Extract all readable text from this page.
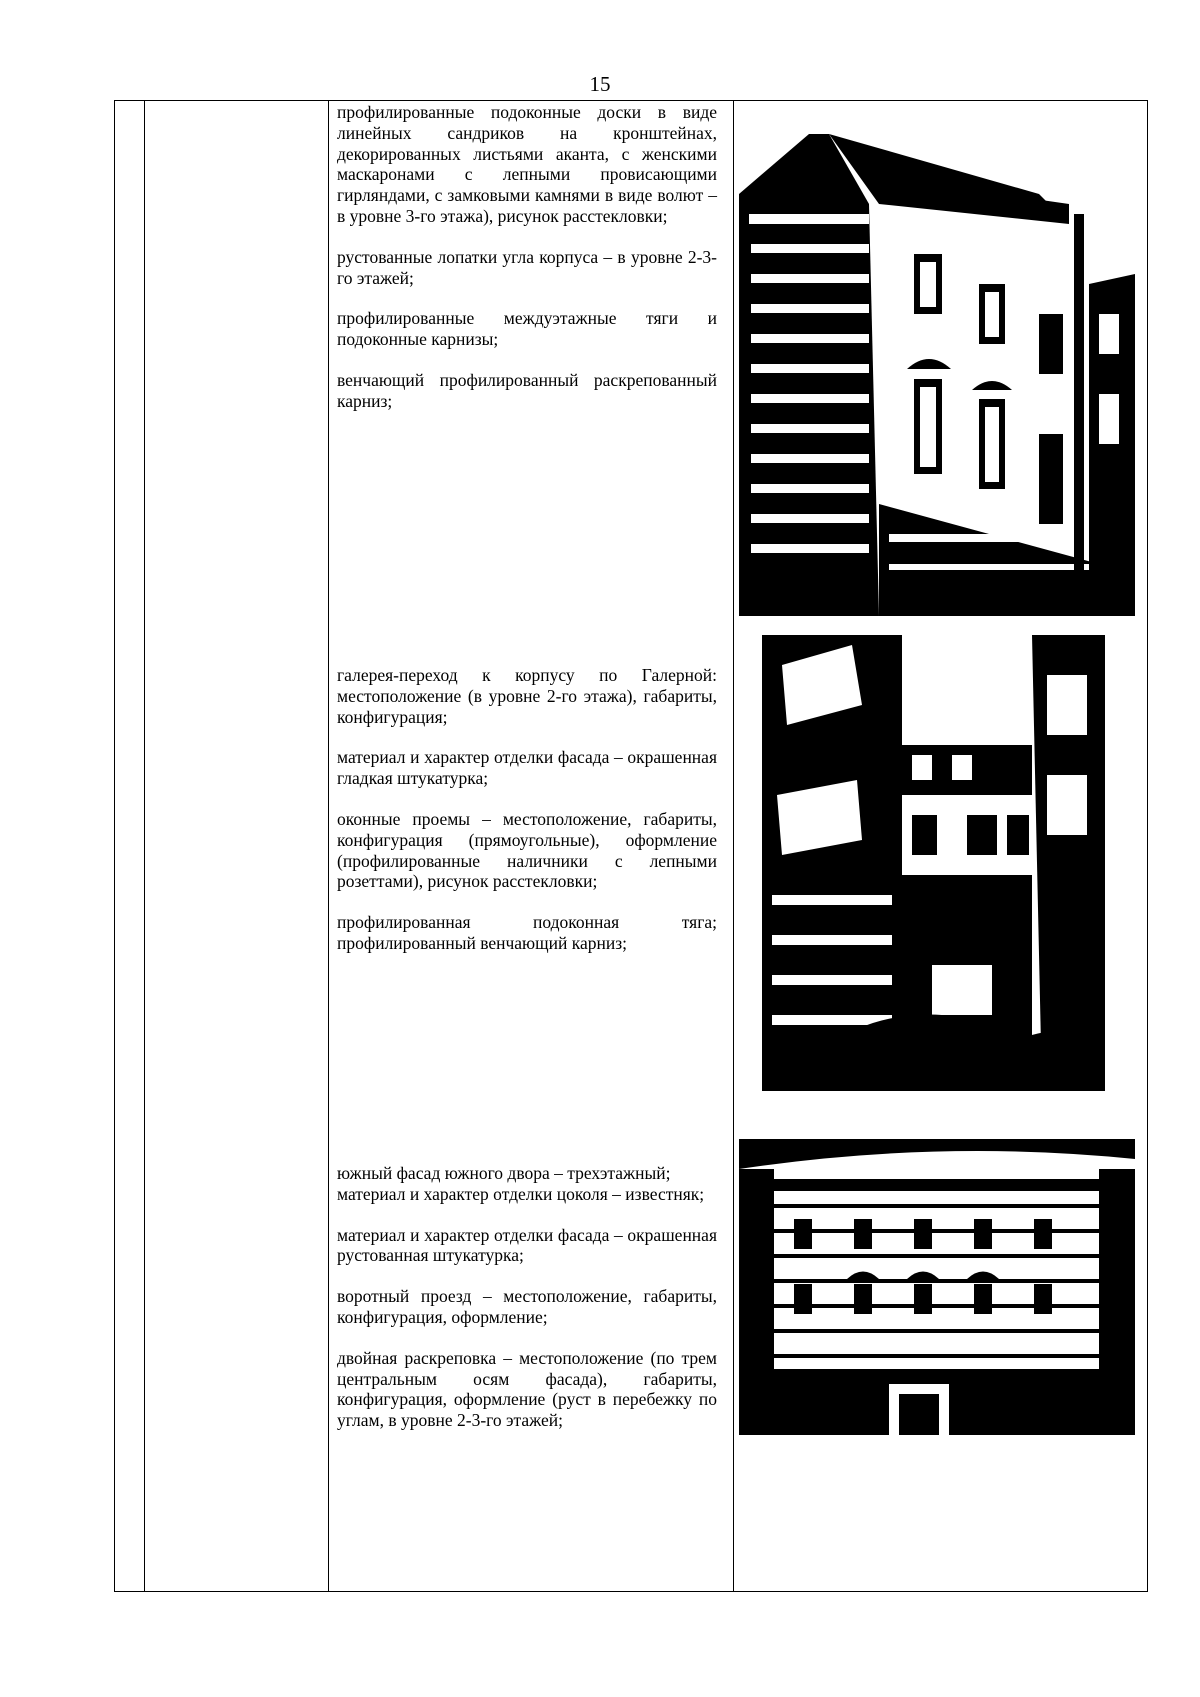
15

профилированные подоконные доски в виде линейных сандриков на кронштейнах, декорированных листьями аканта, с женскими маскаронами с лепными провисающими гирляндами, с замковыми камнями в виде волют – в уровне 3-го этажа), рисунок расстекловки;

рустованные лопатки угла корпуса – в уровне 2-3-го этажей;

профилированные междуэтажные тяги и подоконные карнизы;

венчающий профилированный раскрепованный карниз;

галерея-переход к корпусу по Галерной: местоположение (в уровне 2-го этажа), габариты, конфигурация;

материал и характер отделки фасада – окрашенная гладкая штукатурка;

оконные проемы – местоположение, габариты, конфигурация (прямоугольные), оформление (профилированные наличники с лепными розеттами), рисунок расстекловки;

профилированная подоконная тяга; профилированный венчающий карниз;

южный фасад южного двора – трехэтажный;
материал и характер отделки цоколя – известняк;

материал и характер отделки фасада – окрашенная рустованная штукатурка;

воротный проезд – местоположение, габариты, конфигурация, оформление;

двойная раскреповка – местоположение (по трем центральным осям фасада), габариты, конфигурация, оформление (руст в перебежку по углам, в уровне 2-3-го этажей;
